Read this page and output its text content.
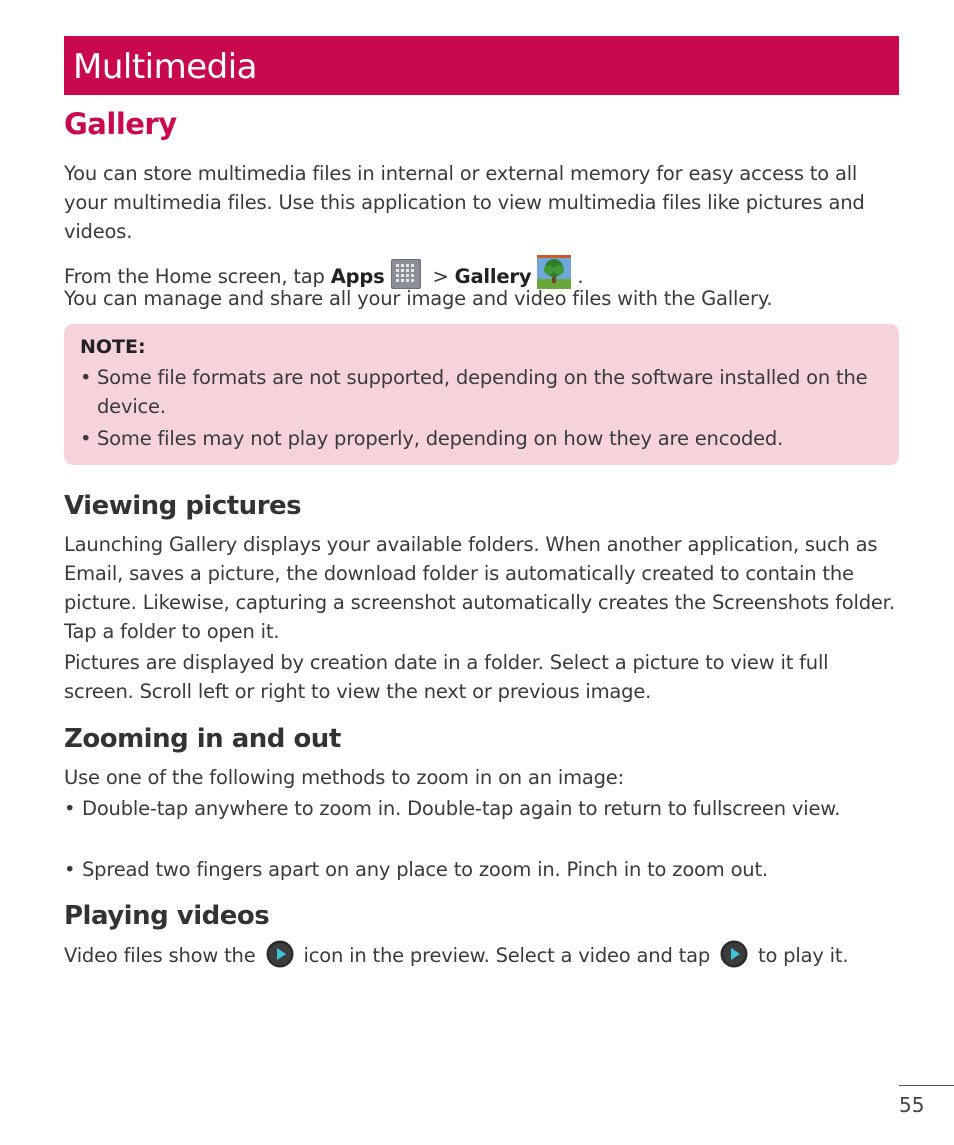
Multimedia
Gallery

You can store multimedia files in internal or external memory for easy access to all your multimedia files. Use this application to view multimedia files like pictures and videos.

From the Home screen, tap Apps > Gallery .

You can manage and share all your image and video files with the Gallery.

NOTE:
• Some file formats are not supported, depending on the software installed on the device.
• Some files may not play properly, depending on how they are encoded.
Viewing pictures

Launching Gallery displays your available folders. When another application, such as Email, saves a picture, the download folder is automatically created to contain the picture. Likewise, capturing a screenshot automatically creates the Screenshots folder. Tap a folder to open it.

Pictures are displayed by creation date in a folder. Select a picture to view it full screen. Scroll left or right to view the next or previous image.

Zooming in and out

Use one of the following methods to zoom in on an image:

• Double-tap anywhere to zoom in. Double-tap again to return to fullscreen view.
• Spread two fingers apart on any place to zoom in. Pinch in to zoom out.
Playing videos

Video files show the icon in the preview. Select a video and tap to play it.

55
